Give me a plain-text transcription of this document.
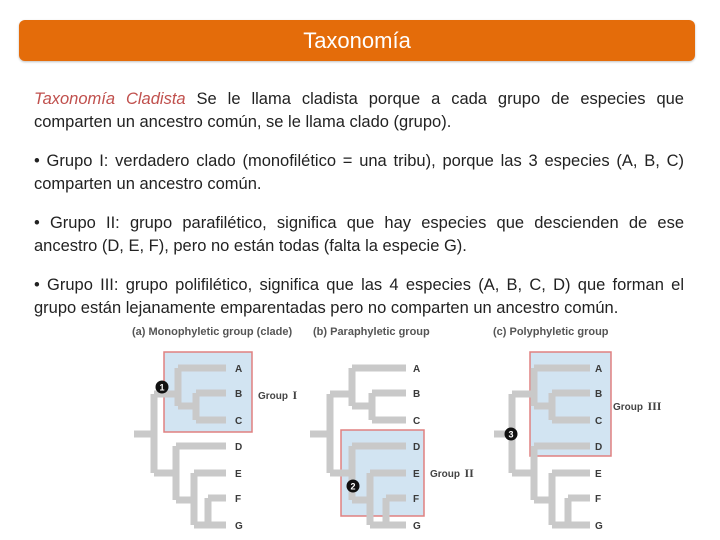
Taxonomía

Taxonomía Cladista Se le llama cladista porque a cada grupo de especies que comparten un ancestro común, se le llama clado (grupo).

• Grupo I: verdadero clado (monofilético = una tribu), porque las 3 especies (A, B, C) comparten un ancestro común.

• Grupo II: grupo parafilético, significa que hay especies que descienden de ese ancestro (D, E, F), pero no están todas (falta la especie G).

• Grupo III: grupo polifilético, significa que las 4 especies (A, B, C, D) que forman el grupo están lejanamente emparentadas pero no comparten un ancestro común.

(a) Monophyletic group (clade)
A
B
C
D
E
F
G
Group I
1
(b) Paraphyletic group
A
B
C
D
E
F
G
Group II
2
(c) Polyphyletic group
A
B
C
D
E
F
G
Group III
3
